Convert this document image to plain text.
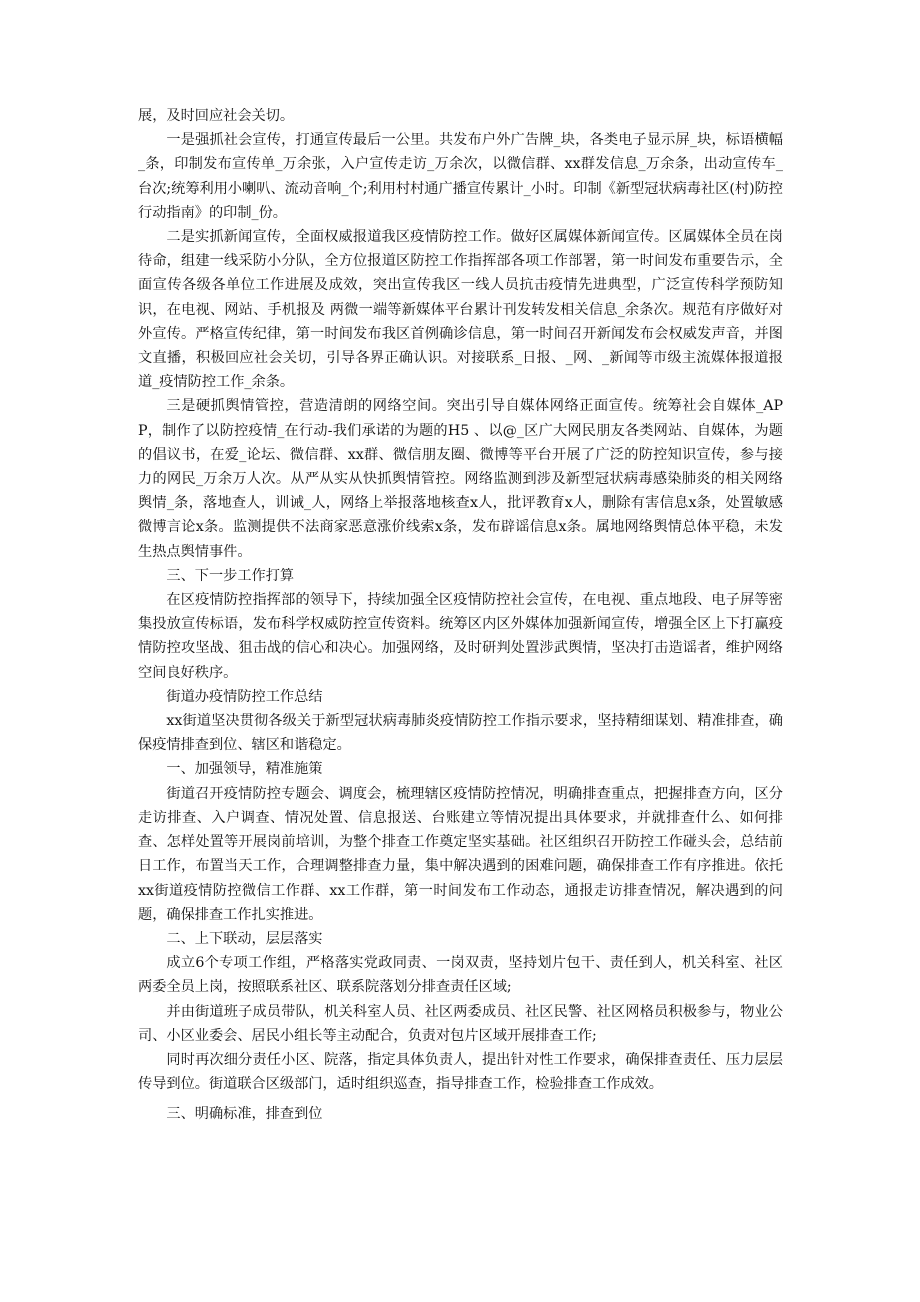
展，及时回应社会关切。

一是强抓社会宣传，打通宣传最后一公里。共发布户外广告牌_块，各类电子显示屏_块，标语横幅_条，印制发布宣传单_万余张，入户宣传走访_万余次，以微信群、xx群发信息_万余条，出动宣传车_台次;统筹利用小喇叭、流动音响_个;利用村村通广播宣传累计_小时。印制《新型冠状病毒社区(村)防控行动指南》的印制_份。

二是实抓新闻宣传，全面权威报道我区疫情防控工作。做好区属媒体新闻宣传。区属媒体全员在岗待命，组建一线采防小分队，全方位报道区防控工作指挥部各项工作部署，第一时间发布重要告示，全面宣传各级各单位工作进展及成效，突出宣传我区一线人员抗击疫情先进典型，广泛宣传科学预防知识，在电视、网站、手机报及 两微一端等新媒体平台累计刊发转发相关信息_余条次。规范有序做好对外宣传。严格宣传纪律，第一时间发布我区首例确诊信息，第一时间召开新闻发布会权威发声音，并图文直播，积极回应社会关切，引导各界正确认识。对接联系_日报、_网、_新闻等市级主流媒体报道报道_疫情防控工作_余条。

三是硬抓舆情管控，营造清朗的网络空间。突出引导自媒体网络正面宣传。统筹社会自媒体_APP，制作了以防控疫情_在行动-我们承诺的为题的H5 、以@_区广大网民朋友各类网站、自媒体，为题的倡议书，在爱_论坛、微信群、xx群、微信朋友圈、微博等平台开展了广泛的防控知识宣传，参与接力的网民_万余万人次。从严从实从快抓舆情管控。网络监测到涉及新型冠状病毒感染肺炎的相关网络舆情_条，落地查人，训诫_人，网络上举报落地核查x人，批评教育x人，删除有害信息x条，处置敏感微博言论x条。监测提供不法商家恶意涨价线索x条，发布辟谣信息x条。属地网络舆情总体平稳，未发生热点舆情事件。

三、下一步工作打算

在区疫情防控指挥部的领导下，持续加强全区疫情防控社会宣传，在电视、重点地段、电子屏等密集投放宣传标语，发布科学权威防控宣传资料。统筹区内区外媒体加强新闻宣传，增强全区上下打赢疫情防控攻坚战、狙击战的信心和决心。加强网络，及时研判处置涉武舆情，坚决打击造谣者，维护网络空间良好秩序。

街道办疫情防控工作总结

xx街道坚决贯彻各级关于新型冠状病毒肺炎疫情防控工作指示要求，坚持精细谋划、精准排查，确保疫情排查到位、辖区和谐稳定。

一、加强领导，精准施策

街道召开疫情防控专题会、调度会，梳理辖区疫情防控情况，明确排查重点，把握排查方向，区分走访排查、入户调查、情况处置、信息报送、台账建立等情况提出具体要求，并就排查什么、如何排查、怎样处置等开展岗前培训，为整个排查工作奠定坚实基础。社区组织召开防控工作碰头会，总结前日工作，布置当天工作，合理调整排查力量，集中解决遇到的困难问题，确保排查工作有序推进。依托xx街道疫情防控微信工作群、xx工作群，第一时间发布工作动态，通报走访排查情况，解决遇到的问题，确保排查工作扎实推进。

二、上下联动，层层落实

成立6个专项工作组，严格落实党政同责、一岗双责，坚持划片包干、责任到人，机关科室、社区两委全员上岗，按照联系社区、联系院落划分排查责任区域;

并由街道班子成员带队，机关科室人员、社区两委成员、社区民警、社区网格员积极参与，物业公司、小区业委会、居民小组长等主动配合，负责对包片区域开展排查工作;

同时再次细分责任小区、院落，指定具体负责人，提出针对性工作要求，确保排查责任、压力层层传导到位。街道联合区级部门，适时组织巡查，指导排查工作，检验排查工作成效。

三、明确标准，排查到位
